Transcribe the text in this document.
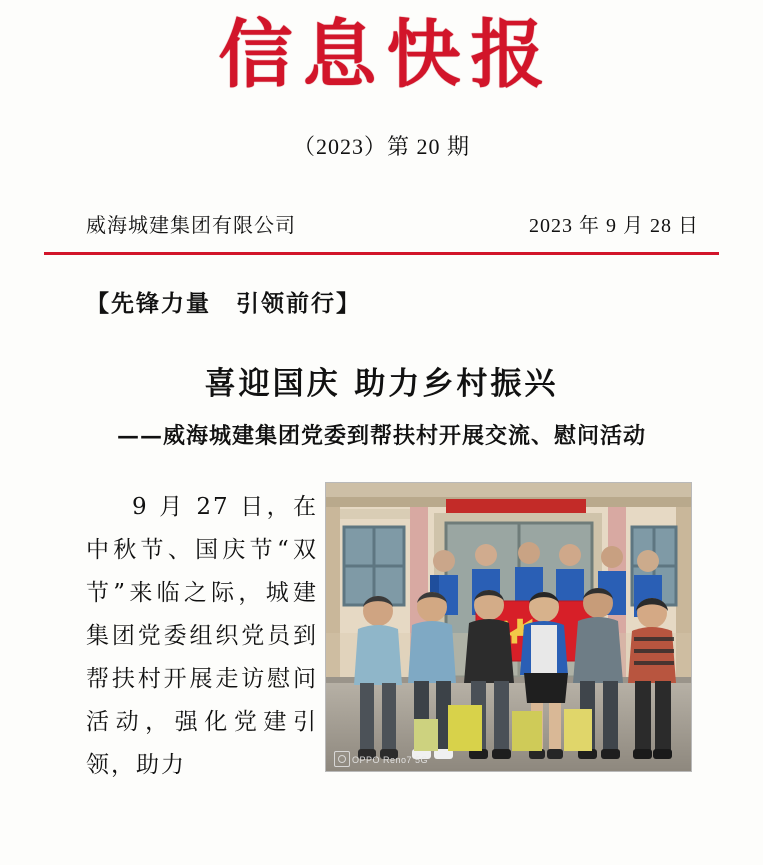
信息快报
（2023）第 20 期
威海城建集团有限公司	2023 年 9 月 28 日
【先锋力量　引领前行】
喜迎国庆 助力乡村振兴
——威海城建集团党委到帮扶村开展交流、慰问活动
9 月 27 日，在中秋节、国庆节“双节”来临之际，城建集团党委组织党员到帮扶村开展走访慰问活动，强化党建引领，助力	OPPO Reno7 5G
